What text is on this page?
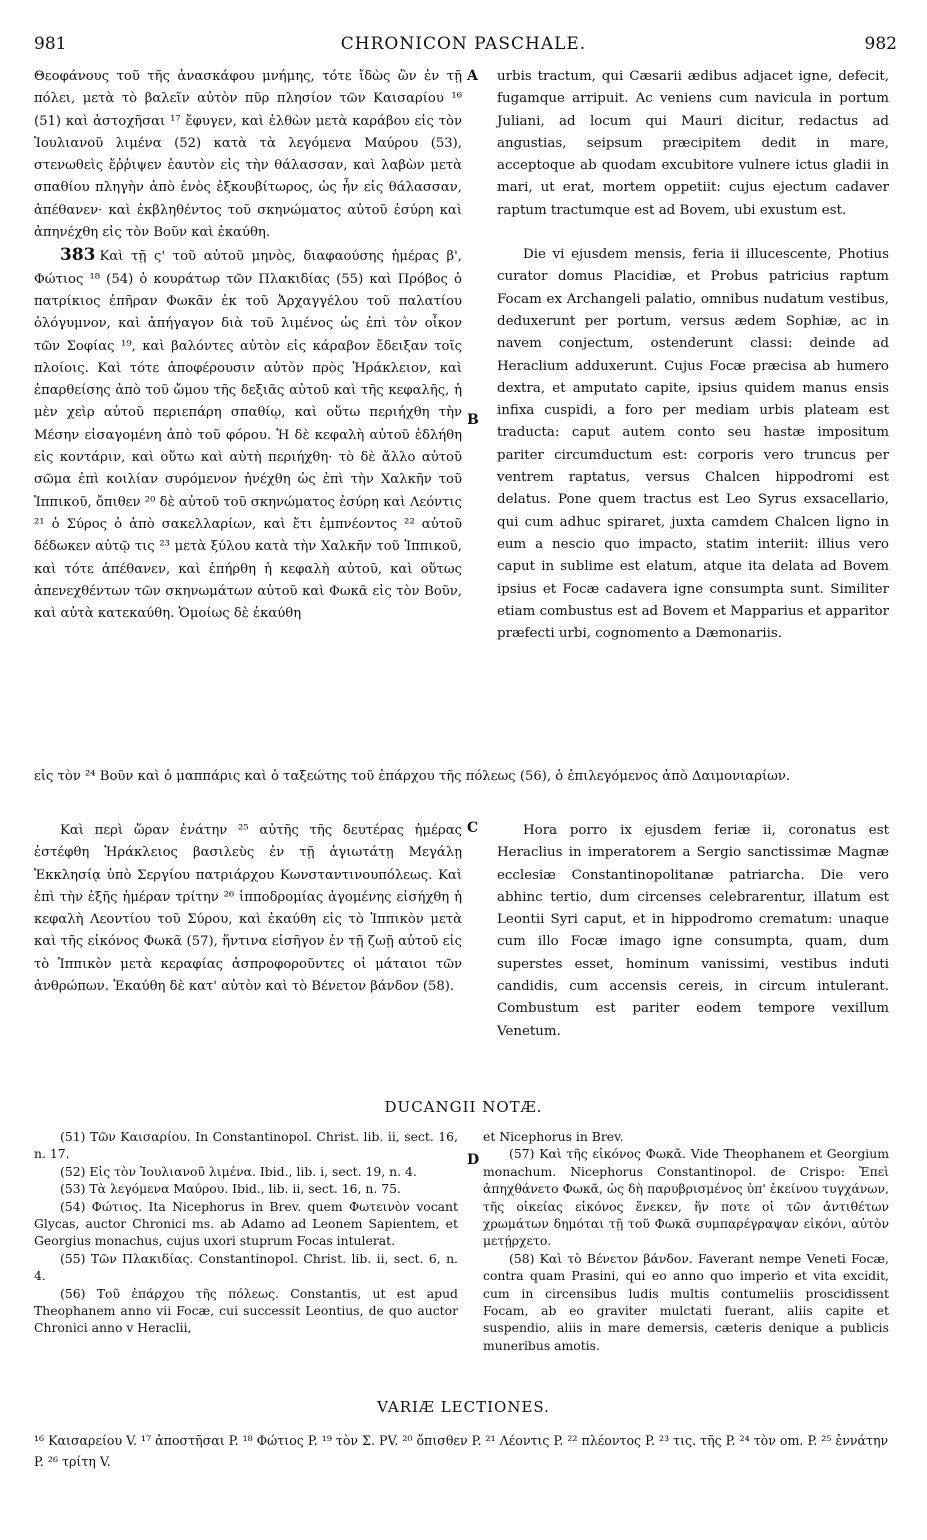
981	CHRONICON PASCHALE.	982
A
B
C
D

Θεοφάνους τοῦ τῆς ἀνασκάφου μνήμης, τότε ἴδὼς ὢν ἐν τῇ πόλει, μετὰ τὸ βαλεῖν αὐτὸν πῦρ πλησίον τῶν Καισαρίου ¹⁶ (51) καὶ ἀστοχῆσαι ¹⁷ ἔφυγεν, καὶ ἐλθὼν μετὰ καράβου εἰς τὸν Ἰουλιανοῦ λιμένα (52) κατὰ τὰ λεγόμενα Μαύρου (53), στενωθεὶς ἔῤῥιψεν ἑαυτὸν εἰς τὴν θάλασσαν, καὶ λαβὼν μετὰ σπαθίου πληγὴν ἀπὸ ἑνὸς ἐξκουβίτωρος, ὡς ἦν εἰς θάλασσαν, ἀπέθανεν· καὶ ἐκβληθέντος τοῦ σκηνώματος αὐτοῦ ἐσύρη καὶ ἀπηνέχθη εἰς τὸν Βοῦν καὶ ἐκαύθη.

383 Καὶ τῇ ς' τοῦ αὐτοῦ μηνὸς, διαφαούσης ἡμέρας β', Φώτιος ¹⁸ (54) ὁ κουράτωρ τῶν Πλακιδίας (55) καὶ Πρόβος ὁ πατρίκιος ἐπῆραν Φωκᾶν ἐκ τοῦ Ἀρχαγγέλου τοῦ παλατίου ὀλόγυμνον, καὶ ἀπήγαγον διὰ τοῦ λιμένος ὡς ἐπὶ τὸν οἶκον τῶν Σοφίας ¹⁹, καὶ βαλόντες αὐτὸν εἰς κάραβον ἔδειξαν τοῖς πλοίοις. Καὶ τότε ἀποφέρουσιν αὐτὸν πρὸς Ἡράκλειον, καὶ ἐπαρθείσης ἀπὸ τοῦ ὤμου τῆς δεξιᾶς αὐτοῦ καὶ τῆς κεφαλῆς, ἡ μὲν χεὶρ αὐτοῦ περιεπάρη σπαθίῳ, καὶ οὕτω περιήχθη τὴν Μέσην εἰσαγομένη ἀπὸ τοῦ φόρου. Ἡ δὲ κεφαλὴ αὐτοῦ ἐδλήθη εἰς κοντάριν, καὶ οὕτω καὶ αὐτὴ περιήχθη· τὸ δὲ ἄλλο αὐτοῦ σῶμα ἐπὶ κοιλίαν συρόμενον ἠνέχθη ὡς ἐπὶ τὴν Χαλκῆν τοῦ Ἱππικοῦ, ὄπιθεν ²⁰ δὲ αὐτοῦ τοῦ σκηνώματος ἐσύρη καὶ Λεόντις ²¹ ὁ Σύρος ὁ ἀπὸ σακελλαρίων, καὶ ἔτι ἐμπνέοντος ²² αὐτοῦ δέδωκεν αὐτῷ τις ²³ μετὰ ξύλου κατὰ τὴν Χαλκῆν τοῦ Ἱππικοῦ, καὶ τότε ἀπέθανεν, καὶ ἐπήρθη ἡ κεφαλὴ αὐτοῦ, καὶ οὕτως ἀπενεχθέντων τῶν σκηνωμάτων αὐτοῦ καὶ Φωκᾶ εἰς τὸν Βοῦν, καὶ αὐτὰ κατεκαύθη. Ὁμοίως δὲ ἐκαύθη

urbis tractum, qui Cæsarii ædibus adjacet igne, defecit, fugamque arripuit. Ac veniens cum navicula in portum Juliani, ad locum qui Mauri dicitur, redactus ad angustias, seipsum præcipitem dedit in mare, acceptoque ab quodam excubitore vulnere ictus gladii in mari, ut erat, mortem oppetiit: cujus ejectum cadaver raptum tractumque est ad Bovem, ubi exustum est.

Die vi ejusdem mensis, feria ii illucescente, Photius curator domus Placidiæ, et Probus patricius raptum Focam ex Archangeli palatio, omnibus nudatum vestibus, deduxerunt per portum, versus ædem Sophiæ, ac in navem conjectum, ostenderunt classi: deinde ad Heraclium adduxerunt. Cujus Focæ præcisa ab humero dextra, et amputato capite, ipsius quidem manus ensis infixa cuspidi, a foro per mediam urbis plateam est traducta: caput autem conto seu hastæ impositum pariter circumductum est: corporis vero truncus per ventrem raptatus, versus Chalcen hippodromi est delatus. Pone quem tractus est Leo Syrus exsacellario, qui cum adhuc spiraret, juxta camdem Chalcen ligno in eum a nescio quo impacto, statim interiit: illius vero caput in sublime est elatum, atque ita delata ad Bovem ipsius et Focæ cadavera igne consumpta sunt. Similiter etiam combustus est ad Bovem et Mapparius et apparitor præfecti urbi, cognomento a Dæmonariis.

εἰς τὸν ²⁴ Βοῦν καὶ ὁ μαππάρις καὶ ὁ ταξεώτης τοῦ ἐπάρχου τῆς πόλεως (56), ὁ ἐπιλεγόμενος ἀπὸ Δαιμονιαρίων.

Καὶ περὶ ὥραν ἐνάτην ²⁵ αὐτῆς τῆς δευτέρας ἡμέρας ἐστέφθη Ἡράκλειος βασιλεὺς ἐν τῇ ἁγιωτάτῃ Μεγάλῃ Ἐκκλησίᾳ ὑπὸ Σεργίου πατριάρχου Κωνσταντινουπόλεως. Καὶ ἐπὶ τὴν ἑξῆς ἡμέραν τρίτην ²⁶ ἱπποδρομίας ἀγομένης εἰσήχθη ἡ κεφαλὴ Λεοντίου τοῦ Σύρου, καὶ ἐκαύθη εἰς τὸ Ἱππικὸν μετὰ καὶ τῆς εἰκόνος Φωκᾶ (57), ἥντινα εἰσῆγον ἐν τῇ ζωῇ αὐτοῦ εἰς τὸ Ἱππικὸν μετὰ κεραφίας ἀσπροφοροῦντες οἱ μάταιοι τῶν ἀνθρώπων. Ἐκαύθη δὲ κατ' αὐτὸν καὶ τὸ Βένετον βάνδον (58).

Hora porro ix ejusdem feriæ ii, coronatus est Heraclius in imperatorem a Sergio sanctissimæ Magnæ ecclesiæ Constantinopolitanæ patriarcha. Die vero abhinc tertio, dum circenses celebrarentur, illatum est Leontii Syri caput, et in hippodromo crematum: unaque cum illo Focæ imago igne consumpta, quam, dum superstes esset, hominum vanissimi, vestibus induti candidis, cum accensis cereis, in circum intulerant. Combustum est pariter eodem tempore vexillum Venetum.

DUCANGII NOTÆ.

(51) Τῶν Καισαρίου. In Constantinopol. Christ. lib. ii, sect. 16, n. 17.

(52) Εἰς τὸν Ἰουλιανοῦ λιμένα. Ibid., lib. i, sect. 19, n. 4.

(53) Τὰ λεγόμενα Μαύρου. Ibid., lib. ii, sect. 16, n. 75.

(54) Φώτιος. Ita Nicephorus in Brev. quem Φωτεινὸν vocant Glycas, auctor Chronici ms. ab Adamo ad Leonem Sapientem, et Georgius monachus, cujus uxori stuprum Focas intulerat.

(55) Τῶν Πλακιδίας. Constantinopol. Christ. lib. ii, sect. 6, n. 4.

(56) Τοῦ ἐπάρχου τῆς πόλεως. Constantis, ut est apud Theophanem anno vii Focæ, cui successit Leontius, de quo auctor Chronici anno v Heraclii,

et Nicephorus in Brev.

(57) Καὶ τῆς εἰκόνος Φωκᾶ. Vide Theophanem et Georgium monachum. Nicephorus Constantinopol. de Crispo: Ἐπεὶ ἀπηχθάνετο Φωκᾶ, ὡς δὴ παρυβρισμένος ὑπ' ἐκείνου τυγχάνων, τῆς οἰκείας εἰκόνος ἕνεκεν, ἥν ποτε οἱ τῶν ἀντιθέτων χρωμάτων δημόται τῇ τοῦ Φωκᾶ συμπαρέγραψαν εἰκόνι, αὐτὸν μετῄρχετο.

(58) Καὶ τὸ Βένετον βάνδον. Faverant nempe Veneti Focæ, contra quam Prasini, qui eo anno quo imperio et vita excidit, cum in circensibus ludis multis contumeliis proscidissent Focam, ab eo graviter mulctati fuerant, aliis capite et suspendio, aliis in mare demersis, cæteris denique a publicis muneribus amotis.

VARIÆ LECTIONES.
¹⁶ Καισαρείου V. ¹⁷ ἀποστῆσαι P. ¹⁸ Φώτιος P. ¹⁹ τὸν Σ. PV. ²⁰ ὄπισθεν P. ²¹ Λέοντις P. ²² πλέοντος P. ²³ τις. τῆς P. ²⁴ τὸν om. P. ²⁵ ἐννάτην P. ²⁶ τρίτη V.
